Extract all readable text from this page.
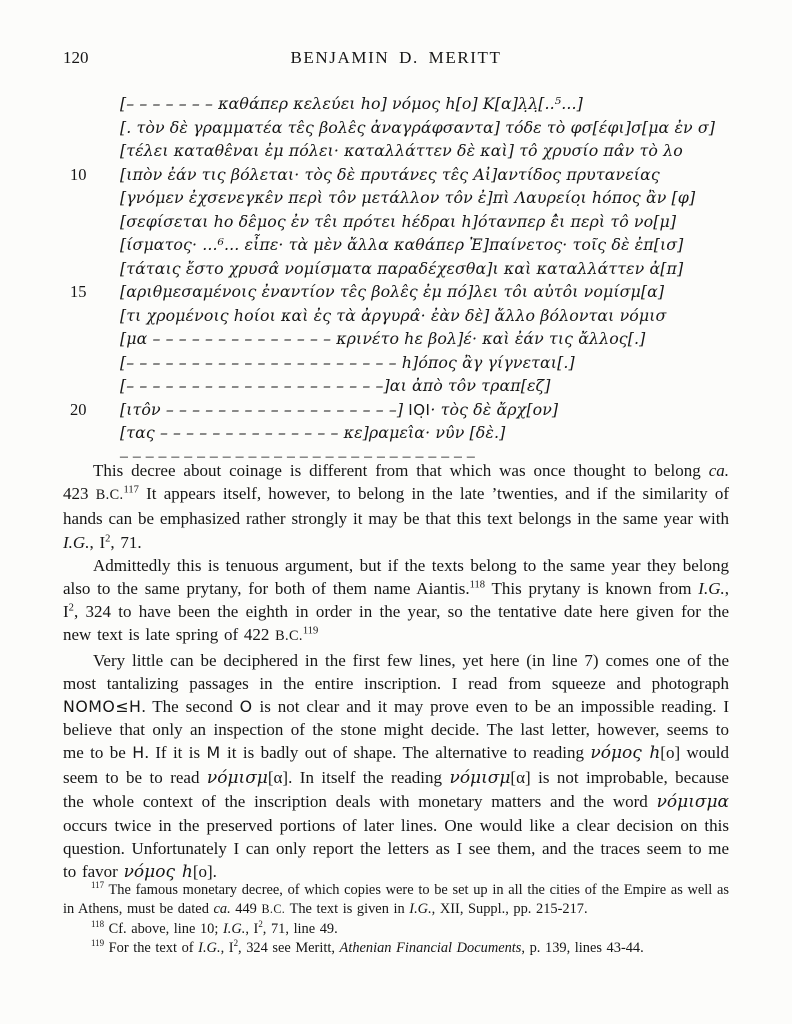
120	BENJAMIN D. MERITT
[– – – – – – – καθάπερ κελεύει ho] νόμος h[o] Κ[α]λ̣λ̣[..⁵...]
[. τὸν δὲ γραμματέα τε̂ς βολε̂ς ἀναγράφσαντα] τόδε τὸ φσ[έφι]σ[μα ἐν σ]
[τέλει καταθε̂ναι ἐμ πόλει· καταλλάττεν δὲ καὶ] το̂ χρυσίο πα̂ν τὸ λο
10	[ιπὸν ἐάν τις βόλεται· τὸς δὲ πρυτάνες τε̂ς Αἰ]αντίδος πρυτανείας
[γνόμεν ἐχσενεγκε̂ν περὶ το̂ν μετάλλον το̂ν ἐ]πὶ Λαυρείο̣ι hόπος ἂν [φ]
[σεφίσεται ho δε̂μος ἐν τε̂ι πρότει hέδραι h]ότανπερ ἐ̂ι περὶ το̂ νο[μ]
[ίσματος· ...⁶... εἶπε· τὰ μὲν ἄλλα καθάπερ Ἐ]παίνετος· τοῖς δὲ ἐπ[ισ]
[τάταις ἔστο χρυσα̂ νομίσματα παραδέχεσθα]ι καὶ καταλλάττεν ἀ[π]
15	[αριθμεσαμένοις ἐναντίον τε̂ς βολε̂ς ἐμ πό]λει το̂ι αὐτο̂ι νομίσμ[α]
[τι χρομένοις hοίοι καὶ ἐς τὰ ἀργυρα̂· ἐὰν δὲ] ἄλλο βόλονται νόμισ
[μα – – – – – – – – – – – – – – κρινέτο hε βολ]έ· καὶ ἐάν τις ἄλλος[.]
[– – – – – – – – – – – – – – – – – – – – – h]όπος ἂγ γίγνεται[.]
[– – – – – – – – – – – – – – – – – – – –]αι ἀπὸ το̂ν τραπ[εζ]
20	[ιτο̂ν – – – – – – – – – – – – – – – – – –] ΙΟ̣Ι· τὸς δὲ ἄρχ[ον]
[τας – – – – – – – – – – – – – – κε]ραμει̂α· νυ̂ν [δὲ.]
– – – – – – – – – – – – – – – – – – – – – – – – – – – –

This decree about coinage is different from that which was once thought to belong ca. 423 B.C.$^{117}$ It appears itself, however, to belong in the late ’twenties, and if the similarity of hands can be emphasized rather strongly it may be that this text belongs in the same year with I.G., $I^2$, 71.

Admittedly this is tenuous argument, but if the texts belong to the same year they belong also to the same prytany, for both of them name Aiantis.$^{118}$ This prytany is known from I.G., $I^2$, 324 to have been the eighth in order in the year, so the tentative date here given for the new text is late spring of 422 B.C.$^{119}$

Very little can be deciphered in the first few lines, yet here (in line 7) comes one of the most tantalizing passages in the entire inscription. I read from squeeze and photograph NOMO≤H. The second O is not clear and it may prove even to be an impossible reading. I believe that only an inspection of the stone might decide. The last letter, however, seems to me to be H. If it is M it is badly out of shape. The alternative to reading νόμος h[o] would seem to be to read νόμισμ[α]. In itself the reading νόμισμ[α] is not improbable, because the whole context of the inscription deals with monetary matters and the word νόμισμα occurs twice in the preserved portions of later lines. One would like a clear decision on this question. Unfortunately I can only report the letters as I see them, and the traces seem to me to favor νόμος h[o].

$^{117}$ The famous monetary decree, of which copies were to be set up in all the cities of the Empire as well as in Athens, must be dated ca. 449 B.C. The text is given in I.G., XII, Suppl., pp. 215-217.

$^{118}$ Cf. above, line 10; I.G., $I^2$, 71, line 49.

$^{119}$ For the text of I.G., $I^2$, 324 see Meritt, Athenian Financial Documents, p. 139, lines 43-44.
